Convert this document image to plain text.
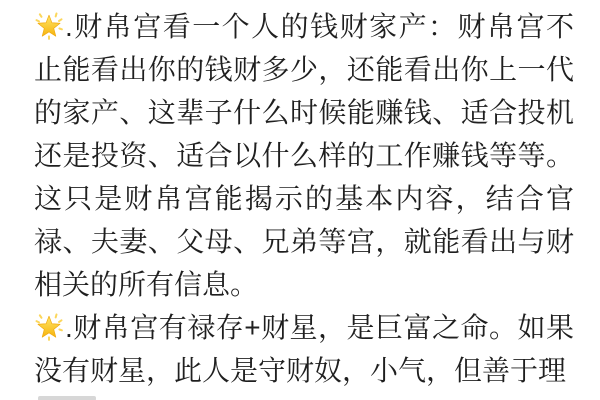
.财帛宫看一个人的钱财家产：财帛宫不止能看出你的钱财多少，还能看出你上一代的家产、这辈子什么时候能赚钱、适合投机还是投资、适合以什么样的工作赚钱等等。这只是财帛宫能揭示的基本内容，结合官禄、夫妻、父母、兄弟等宫，就能看出与财相关的所有信息。

.财帛宫有禄存+财星，是巨富之命。如果没有财星，此人是守财奴，小气，但善于理
